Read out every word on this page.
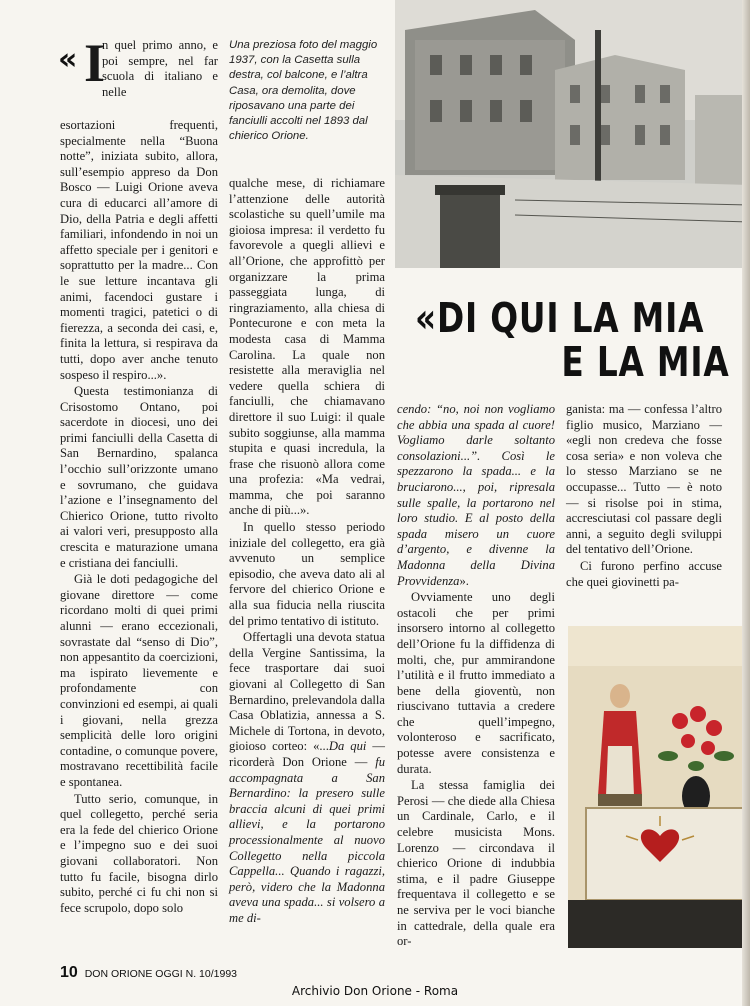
« I
n quel primo anno, e poi sempre, nel far scuola di italiano e nelle

esortazioni frequenti, specialmente nella “Buona notte”, iniziata subito, allora, sull’esempio appreso da Don Bosco — Luigi Orione aveva cura di educarci all’amore di Dio, della Patria e degli affetti familiari, infondendo in noi un affetto speciale per i genitori e soprattutto per la madre... Con le sue letture incantava gli animi, facendoci gustare i momenti tragici, patetici o di fierezza, a seconda dei casi, e, finita la lettura, si respirava da tutti, dopo aver anche tenuto sospeso il respiro...».

Questa testimonianza di Crisostomo Ontano, poi sacerdote in diocesi, uno dei primi fanciulli della Casetta di San Bernardino, spalanca l’occhio sull’orizzonte umano e sovrumano, che guidava l’azione e l’insegnamento del Chierico Orione, tutto rivolto ai valori veri, presupposto alla crescita e maturazione umana e cristiana dei fanciulli.

Già le doti pedagogiche del giovane direttore — come ricordano molti di quei primi alunni — erano eccezionali, sovrastate dal “senso di Dio”, non appesantito da coercizioni, ma ispirato lievemente e profondamente con convinzioni ed esempi, ai quali i giovani, nella grezza semplicità delle loro origini contadine, o comunque povere, mostravano recettibilità facile e spontanea.

Tutto serio, comunque, in quel collegetto, perché seria era la fede del chierico Orione e l’impegno suo e dei suoi giovani collaboratori. Non tutto fu facile, bisogna dirlo subito, perché ci fu chi non si fece scrupolo, dopo solo

Una preziosa foto del maggio 1937, con la Casetta sulla destra, col balcone, e l’altra Casa, ora demolita, dove riposavano una parte dei fanciulli accolti nel 1893 dal chierico Orione.

qualche mese, di richiamare l’attenzione delle autorità scolastiche su quell’umile ma gioiosa impresa: il verdetto fu favorevole a quegli allievi e all’Orione, che approfittò per organizzare la prima passeggiata lunga, di ringraziamento, alla chiesa di Pontecurone e con meta la modesta casa di Mamma Carolina. La quale non resistette alla meraviglia nel vedere quella schiera di fanciulli, che chiamavano direttore il suo Luigi: il quale subito soggiunse, alla mamma stupita e quasi incredula, la frase che risuonò allora come una profezia: «Ma vedrai, mamma, che poi saranno anche di più...».

In quello stesso periodo iniziale del collegetto, era già avvenuto un semplice episodio, che aveva dato ali al fervore del chierico Orione e alla sua fiducia nella riuscita del primo tentativo di istituto.

Offertagli una devota statua della Vergine Santissima, la fece trasportare dai suoi giovani al Collegetto di San Bernardino, prelevandola dalla Casa Oblatizia, annessa a S. Michele di Tortona, in devoto, gioioso corteo: «...Da qui — ricorderà Don Orione — fu accompagnata a San Bernardino: la presero sulle braccia alcuni di quei primi allievi, e la portarono processionalmente al nuovo Collegetto nella piccola Cappella... Quando i ragazzi, però, videro che la Madonna aveva una spada... si volsero a me di-

«DI QUI LA MIA
E LA MIA

cendo: “no, noi non vogliamo che abbia una spada al cuore! Vogliamo darle soltanto consolazioni...”. Così le spezzarono la spada... e la bruciarono..., poi, ripresala sulle spalle, la portarono nel loro studio. E al posto della spada misero un cuore d’argento, e divenne la Madonna della Divina Provvidenza».

Ovviamente uno degli ostacoli che per primi insorsero intorno al collegetto dell’Orione fu la diffidenza di molti, che, pur ammirandone l’utilità e il frutto immediato a bene della gioventù, non riuscivano tuttavia a credere che quell’impegno, volonteroso e sacrificato, potesse avere consistenza e durata.

La stessa famiglia dei Perosi — che diede alla Chiesa un Cardinale, Carlo, e il celebre musicista Mons. Lorenzo — circondava il chierico Orione di indubbia stima, e il padre Giuseppe frequentava il collegetto e se ne serviva per le voci bianche in cattedrale, della quale era or-

ganista: ma — confessa l’altro figlio musico, Marziano — «egli non credeva che fosse cosa seria» e non voleva che lo stesso Marziano se ne occupasse... Tutto — è noto — si risolse poi in stima, accresciutasi col passare degli anni, a seguito degli sviluppi del tentativo dell’Orione.

Ci furono perfino accuse che quei giovinetti pa-

10 DON ORIONE OGGI N. 10/1993
Archivio Don Orione - Roma
